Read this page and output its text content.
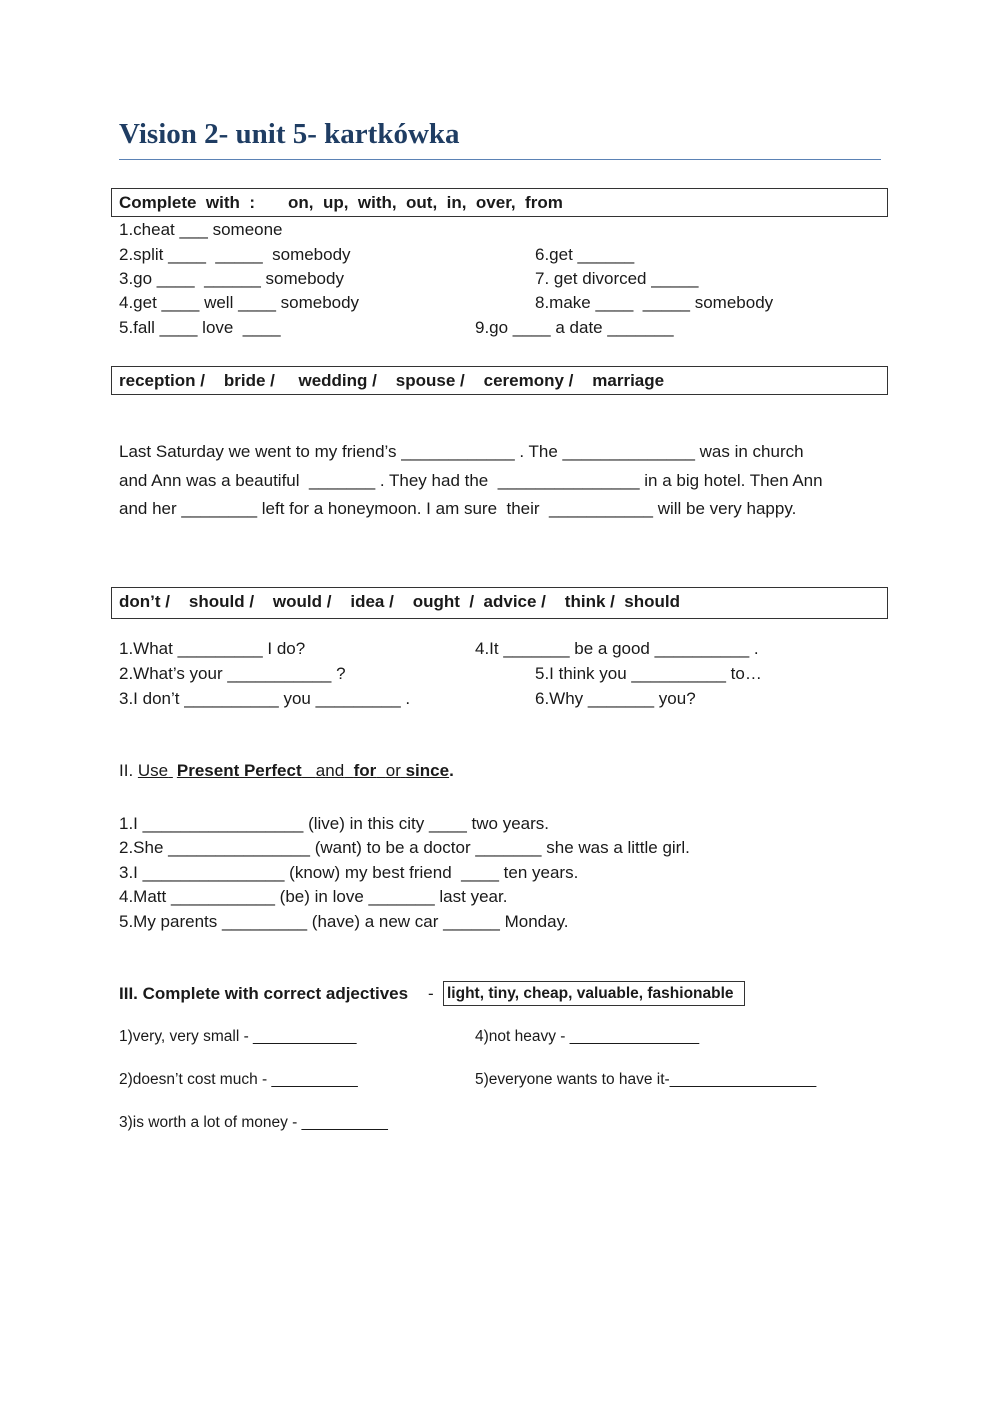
Vision 2- unit 5- kartkówka
Complete  with  : on,  up,  with,  out,  in,  over,  from
1.cheat ___ someone
2.split ____  _____  somebody
3.go ____  ______ somebody
4.get ____ well ____ somebody
5.fall ____ love  ____
6.get ______
7. get divorced _____
8.make ____  _____ somebody
9.go ____ a date _______
reception /    bride /     wedding /    spouse /    ceremony /    marriage
Last Saturday we went to my friend’s ____________ . The ______________ was in church
and Ann was a beautiful  _______ . They had the  _______________ in a big hotel. Then Ann
and her ________ left for a honeymoon. I am sure  their  ___________ will be very happy.
don’t /    should /    would /    idea /    ought  /  advice /    think /  should
1.What _________ I do?
2.What’s your ___________ ?
3.I don’t __________ you _________ .
4.It _______ be a good __________ .
5.I think you __________ to…
6.Why _______ you?
II. Use Present Perfect and for or since.
1.I _________________ (live) in this city ____ two years.
2.She _______________ (want) to be a doctor _______ she was a little girl.
3.I _______________ (know) my best friend  ____ ten years.
4.Matt ___________ (be) in love _______ last year.
5.My parents _________ (have) a new car ______ Monday.
III. Complete with correct adjectives - light, tiny, cheap, valuable, fashionable
1)very, very small - ____________
2)doesn’t cost much - __________
3)is worth a lot of money - __________
4)not heavy - _______________
5)everyone wants to have it-_________________
